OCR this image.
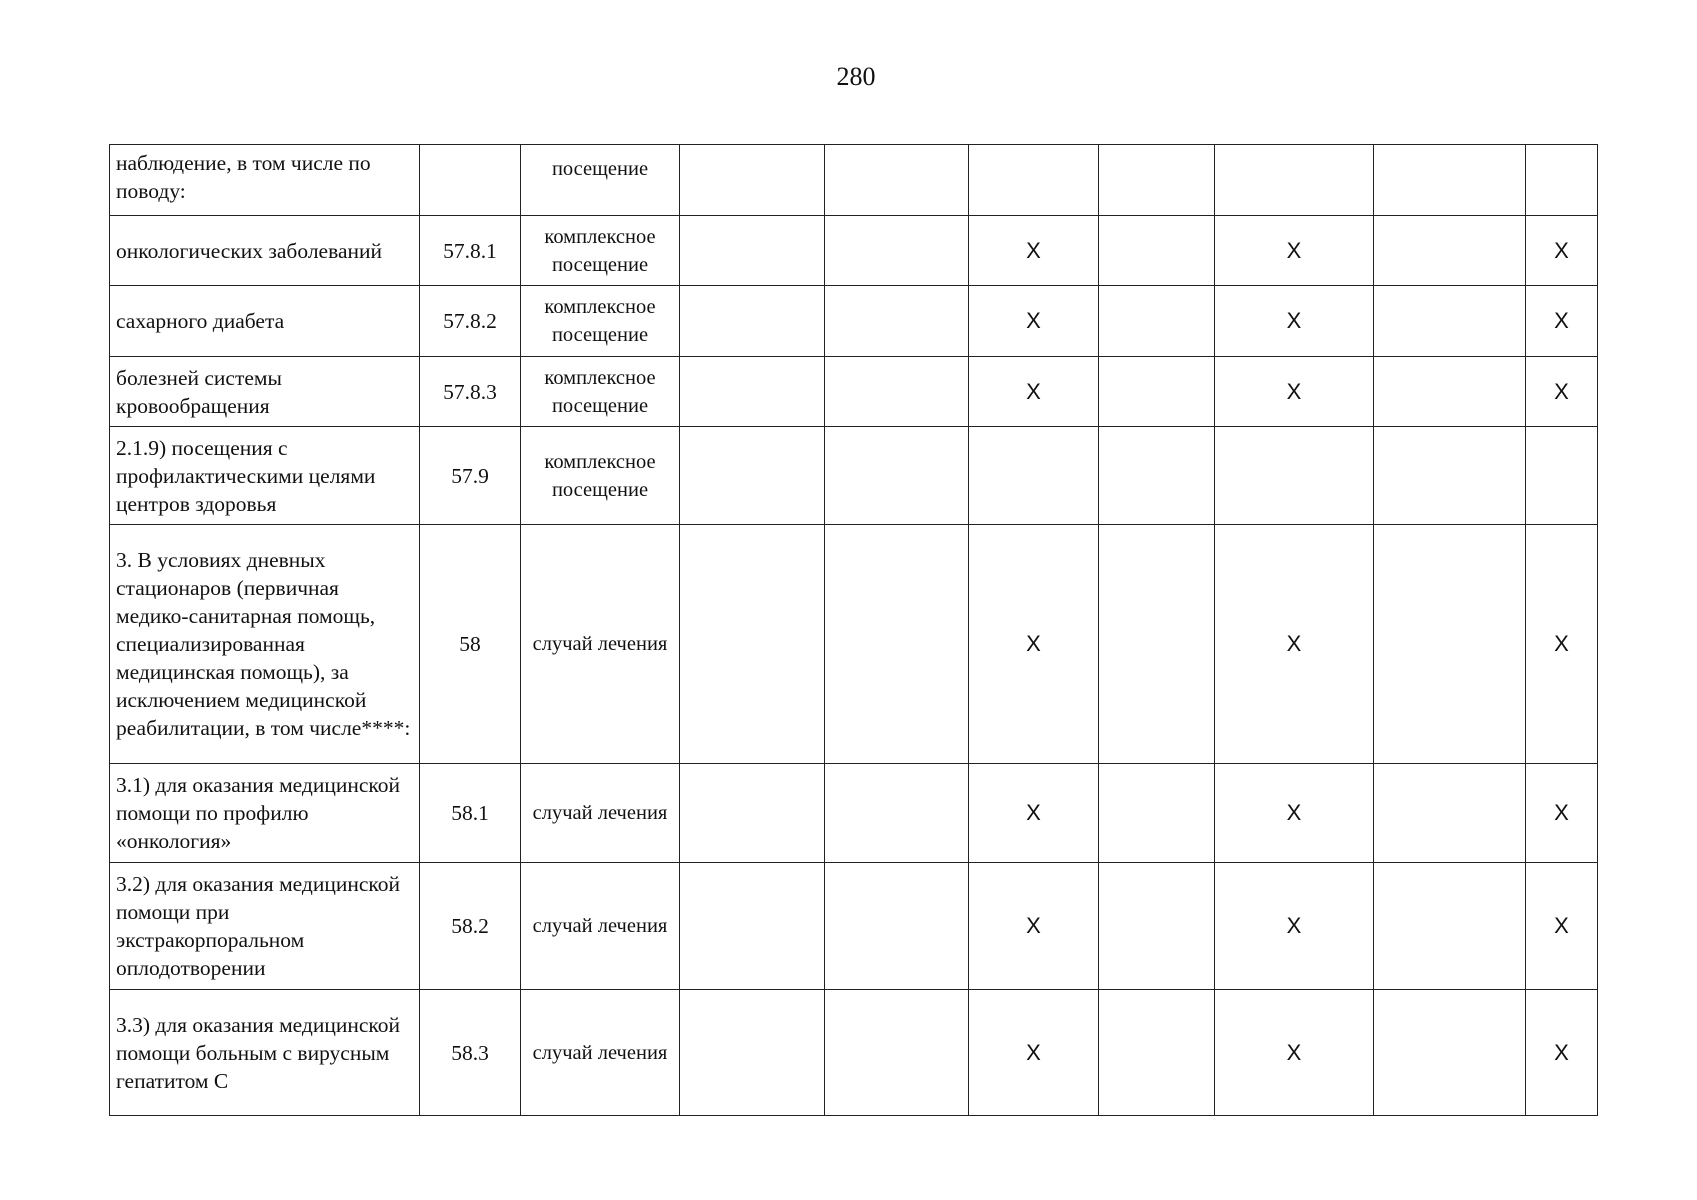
280
наблюдение, в том числе по поводу:		посещение							
онкологических заболеваний	57.8.1	комплексное посещение			X		X		X
сахарного диабета	57.8.2	комплексное посещение			X		X		X
болезней системы кровообращения	57.8.3	комплексное посещение			X		X		X
2.1.9) посещения с профилактическими целями центров здоровья	57.9	комплексное посещение							
3. В условиях дневных стационаров (первичная медико-санитарная помощь, специализированная медицинская помощь), за исключением медицинской реабилитации, в том числе****:	58	случай лечения			X		X		X
3.1) для оказания медицинской помощи по профилю «онкология»	58.1	случай лечения			X		X		X
3.2) для оказания медицинской помощи при экстракорпоральном оплодотворении	58.2	случай лечения			X		X		X
3.3) для оказания медицинской помощи больным с вирусным гепатитом С	58.3	случай лечения			X		X		X
